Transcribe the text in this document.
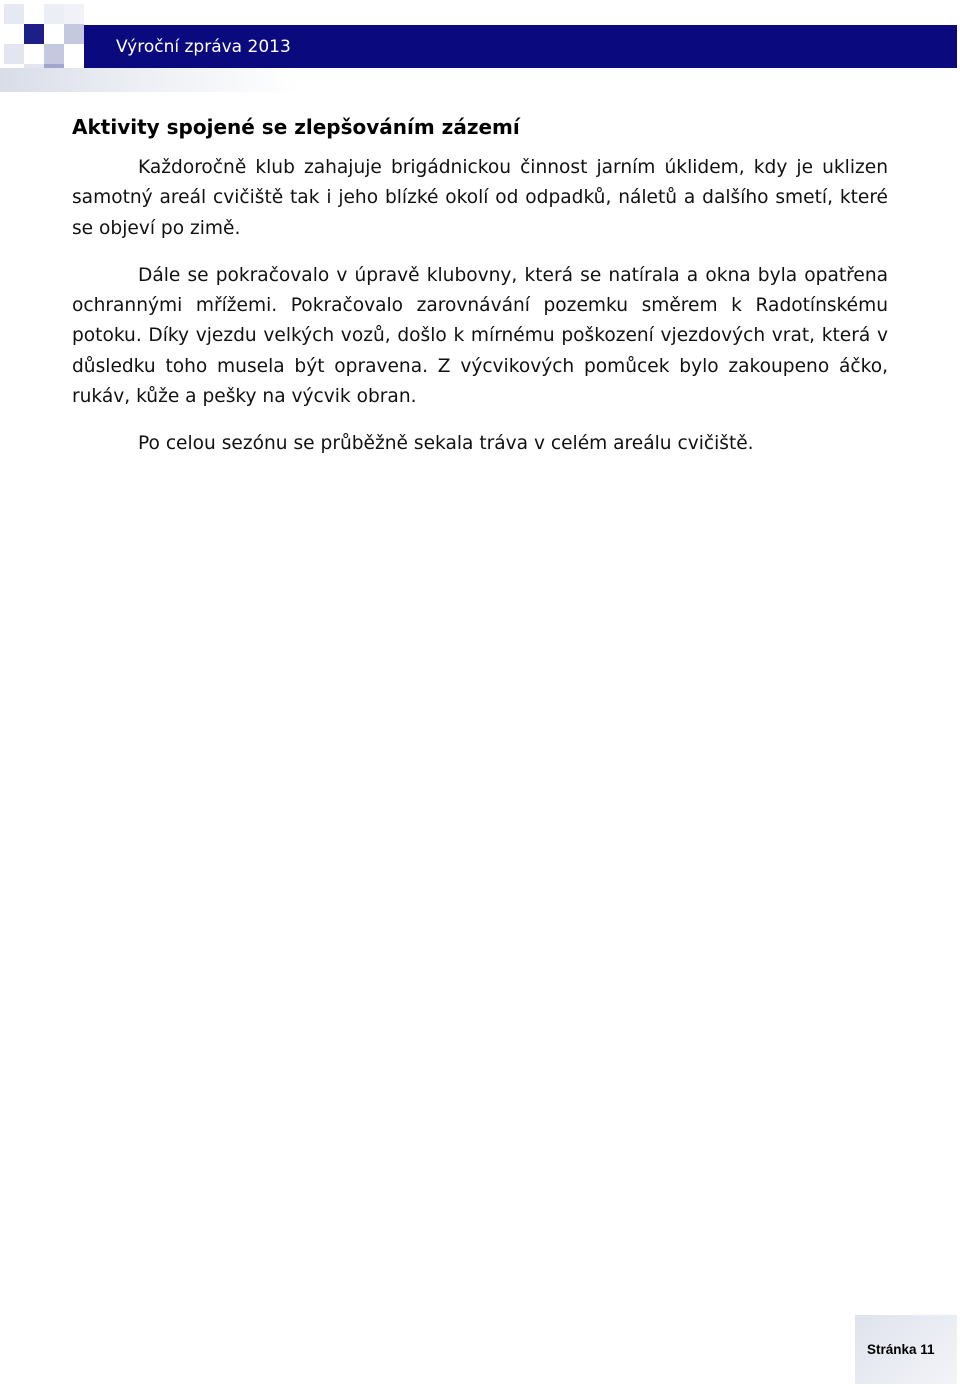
Výroční zpráva 2013
Aktivity spojené se zlepšováním zázemí

Každoročně klub zahajuje brigádnickou činnost jarním úklidem, kdy je uklizen samotný areál cvičiště tak i jeho blízké okolí od odpadků, náletů a dalšího smetí, které se objeví po zimě.

Dále se pokračovalo v úpravě klubovny, která se natírala a okna byla opatřena ochrannými mřížemi. Pokračovalo zarovnávání pozemku směrem k Radotínskému potoku. Díky vjezdu velkých vozů, došlo k mírnému poškození vjezdových vrat, která v důsledku toho musela být opravena. Z výcvikových pomůcek bylo zakoupeno áčko, rukáv, kůže a pešky na výcvik obran.

Po celou sezónu se průběžně sekala tráva v celém areálu cvičiště.

Stránka 11
